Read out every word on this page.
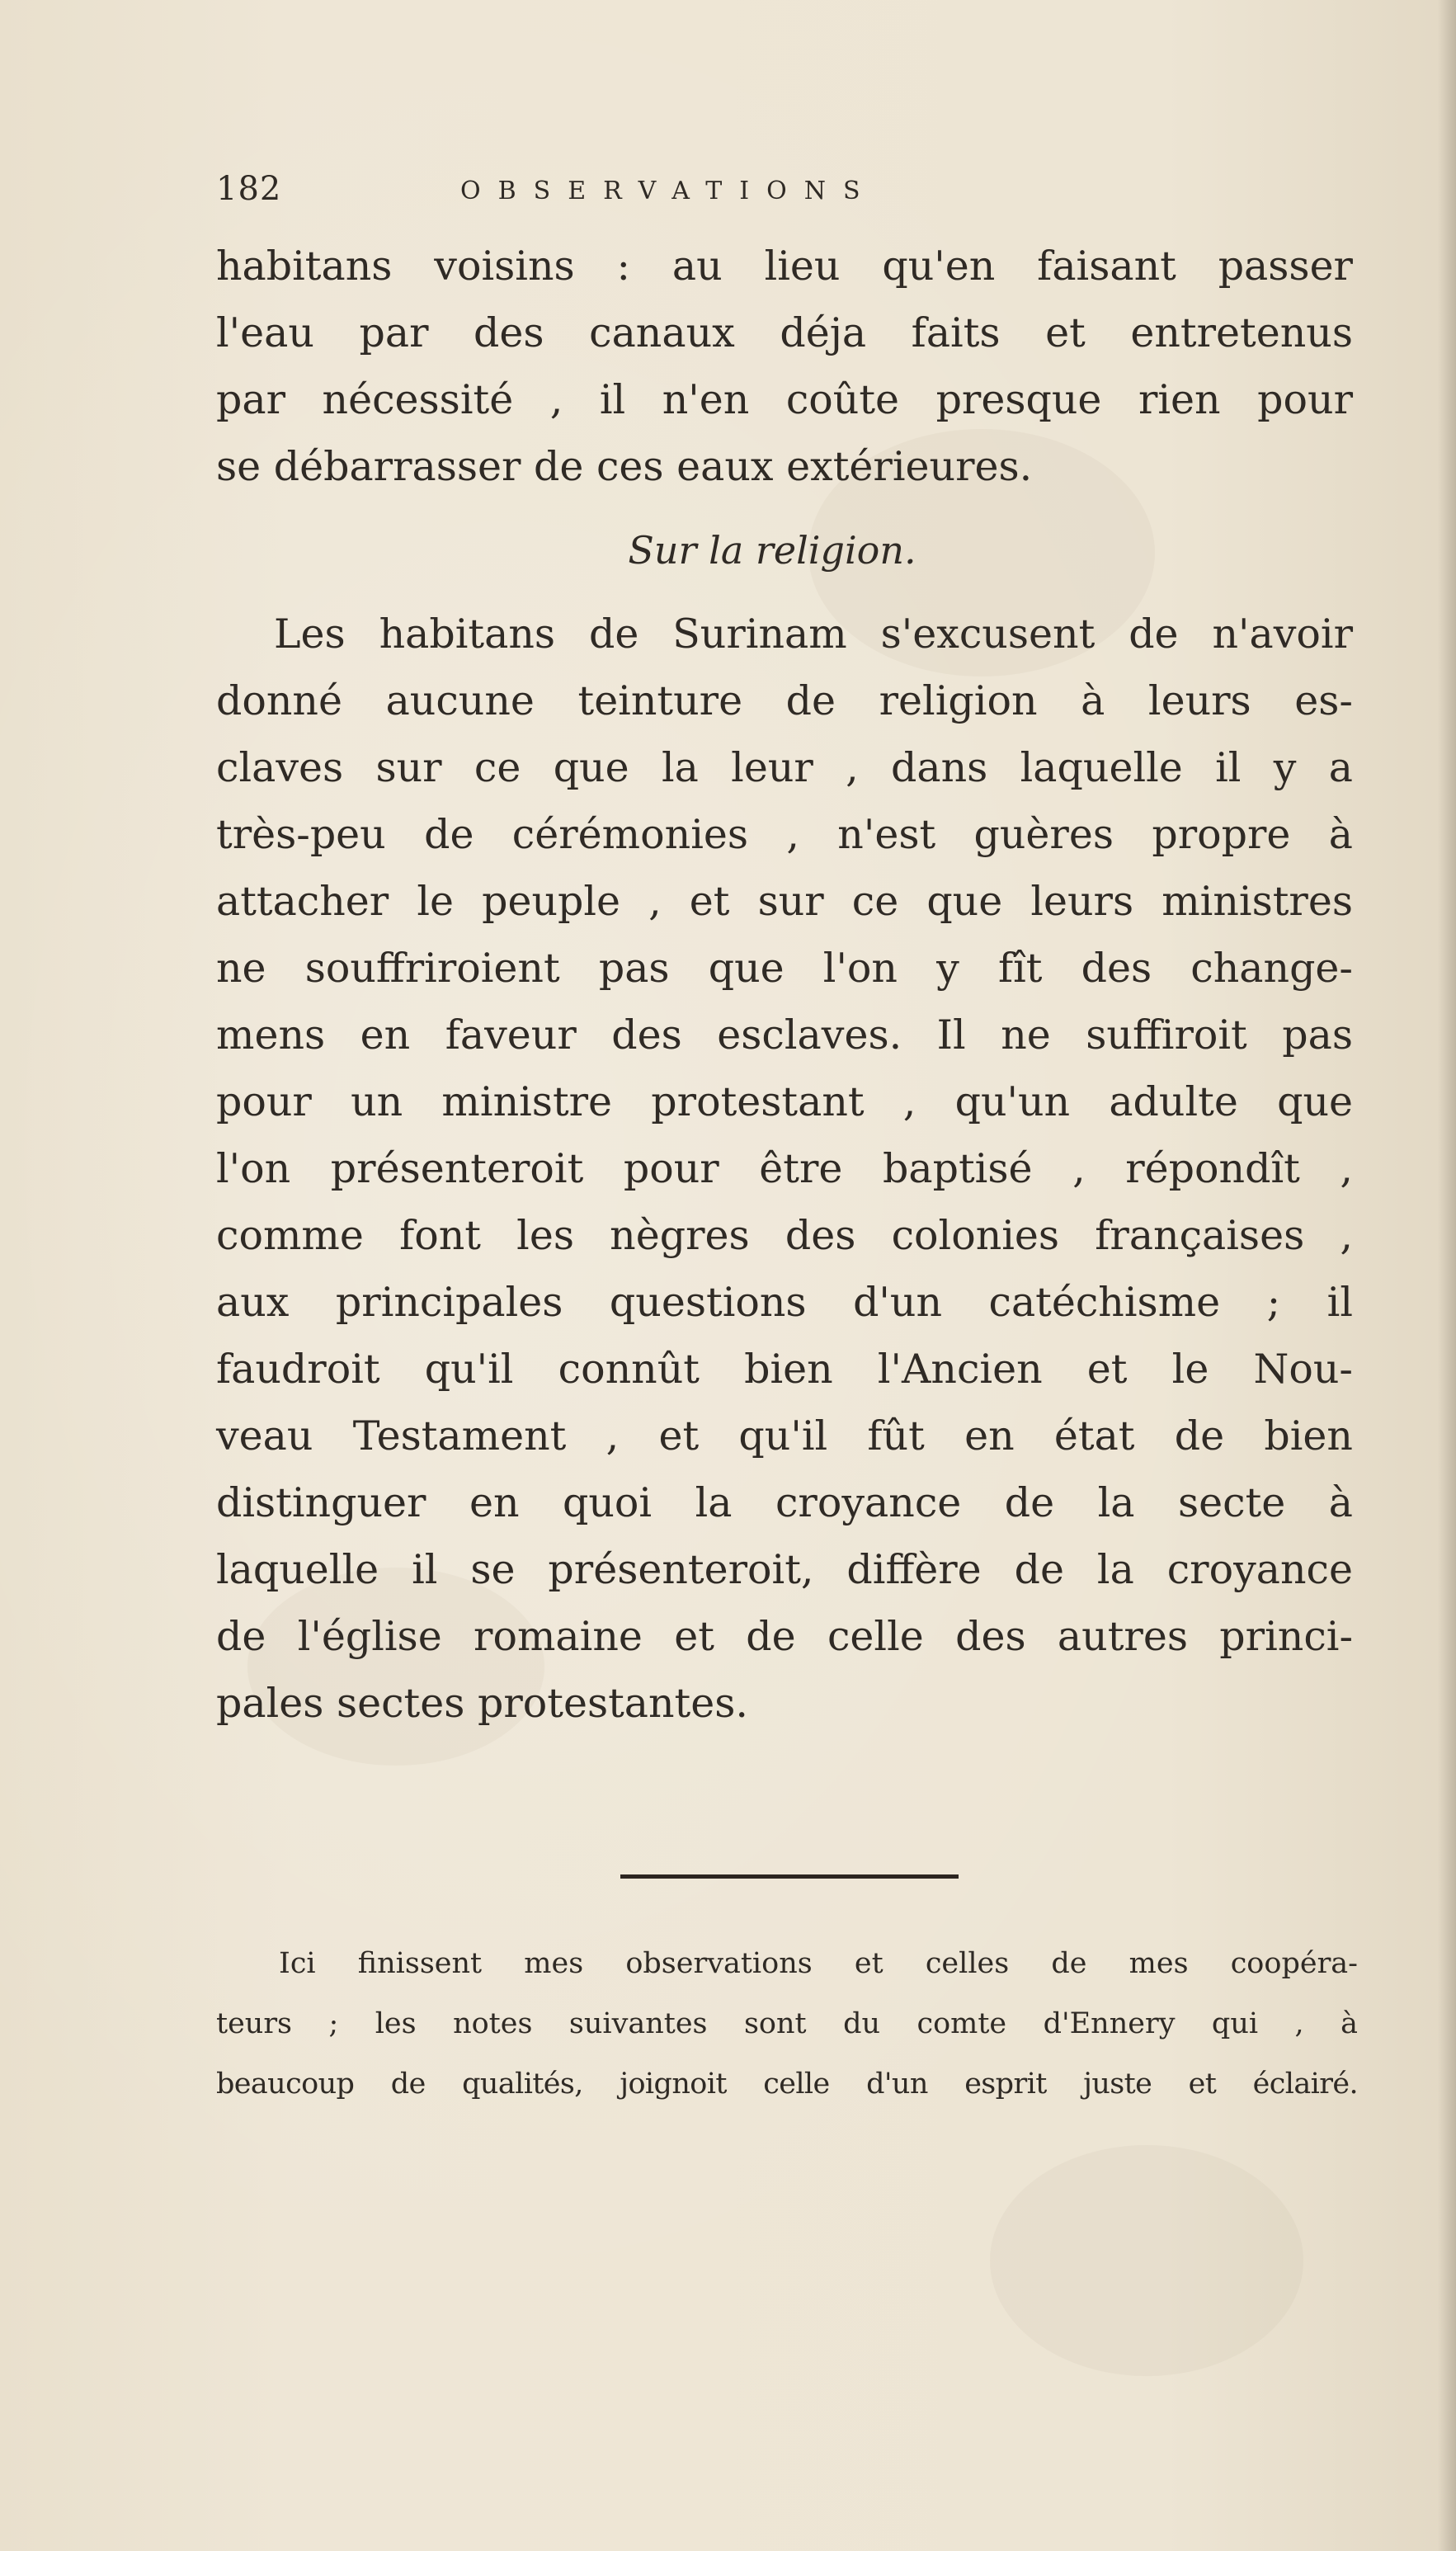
182	OBSERVATIONS
habitans voisins : au lieu qu'en faisant passer
l'eau par des canaux déja faits et entretenus
par nécessité , il n'en coûte presque rien pour
se débarrasser de ces eaux extérieures.
Sur la religion.
Les habitans de Surinam s'excusent de n'avoir
donné aucune teinture de religion à leurs es-
claves sur ce que la leur , dans laquelle il y a
très-peu de cérémonies , n'est guères propre à
attacher le peuple , et sur ce que leurs ministres
ne souffriroient pas que l'on y fît des change-
mens en faveur des esclaves. Il ne suffiroit pas
pour un ministre protestant , qu'un adulte que
l'on présenteroit pour être baptisé , répondît ,
comme font les nègres des colonies françaises ,
aux principales questions d'un catéchisme ; il
faudroit qu'il connût bien l'Ancien et le Nou-
veau Testament , et qu'il fût en état de bien
distinguer en quoi la croyance de la secte à
laquelle il se présenteroit, diffère de la croyance
de l'église romaine et de celle des autres princi-
pales sectes protestantes.
Ici finissent mes observations et celles de mes coopéra-
teurs ; les notes suivantes sont du comte d'Ennery qui , à
beaucoup de qualités, joignoit celle d'un esprit juste et éclairé.
